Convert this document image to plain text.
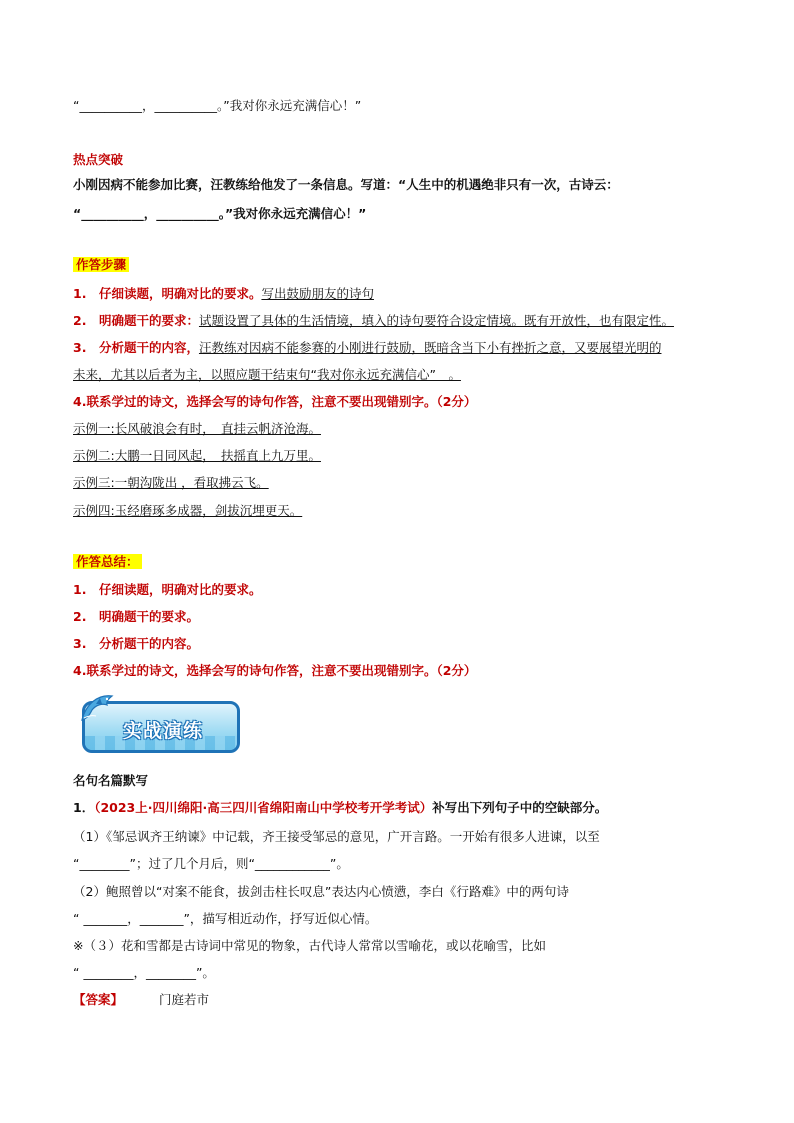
“__________，__________。”我对你永远充满信心！”
热点突破
小刚因病不能参加比赛，汪教练给他发了一条信息。写道：“人生中的机遇绝非只有一次，古诗云：
“__________，__________。”我对你永远充满信心！”
作答步骤
1.　仔细读题，明确对比的要求。写出鼓励朋友的诗句
2.　明确题干的要求：试题设置了具体的生活情境，填入的诗句要符合设定情境。既有开放性，也有限定性。
3.　分析题干的内容，汪教练对因病不能参赛的小刚进行鼓励，既暗含当下小有挫折之意，又要展望光明的
未来，尤其以后者为主，以照应题干结束句“我对你永远充满信心”　。
4.联系学过的诗文，选择会写的诗句作答，注意不要出现错别字。（2分）
示例一:长风破浪会有时，　直挂云帆济沧海。
示例二:大鹏一日同风起，　扶摇直上九万里。
示例三:一朝沟陇出 ，看取拂云飞。
示例四:玉经磨琢多成器，剑拔沉埋更天。
作答总结：
1.　仔细读题，明确对比的要求。
2.　明确题干的要求。
3.　分析题干的内容。
4.联系学过的诗文，选择会写的诗句作答，注意不要出现错别字。（2分）
实战演练
名句名篇默写
1．（2023上·四川绵阳·高三四川省绵阳南山中学校考开学考试）补写出下列句子中的空缺部分。
（1）《邹忌讽齐王纳谏》中记载，齐王接受邹忌的意见，广开言路。一开始有很多人进谏，以至
“________”；过了几个月后，则“____________”。
（2）鲍照曾以“对案不能食，拔剑击柱长叹息”表达内心愤懑，李白《行路难》中的两句诗
“ _______，_______”，描写相近动作，抒写近似心情。
※（３）花和雪都是古诗词中常见的物象，古代诗人常常以雪喻花，或以花喻雪，比如
“ ________，________”。
【答案】	门庭若市
